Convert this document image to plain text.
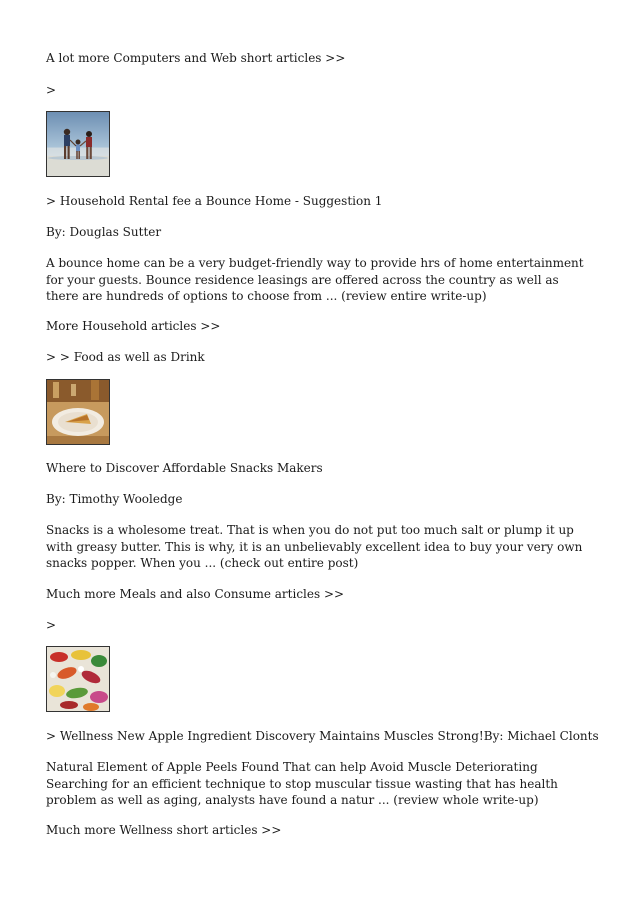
A lot more Computers and Web short articles >>
>
> Household Rental fee a Bounce Home - Suggestion 1
By: Douglas Sutter
A bounce home can be a very budget-friendly way to provide hrs of home entertainment for your guests. Bounce residence leasings are offered across the country as well as there are hundreds of options to choose from ... (review entire write-up)
More Household articles >>
> > Food as well as Drink
Where to Discover Affordable Snacks Makers
By: Timothy Wooledge
Snacks is a wholesome treat. That is when you do not put too much salt or plump it up with greasy butter. This is why, it is an unbelievably excellent idea to buy your very own snacks popper. When you ... (check out entire post)
Much more Meals and also Consume articles >>
>
> Wellness New Apple Ingredient Discovery Maintains Muscles Strong!By: Michael Clonts
Natural Element of Apple Peels Found That can help Avoid Muscle Deteriorating Searching for an efficient technique to stop muscular tissue wasting that has health problem as well as aging, analysts have found a natur ... (review whole write-up)
Much more Wellness short articles >>
